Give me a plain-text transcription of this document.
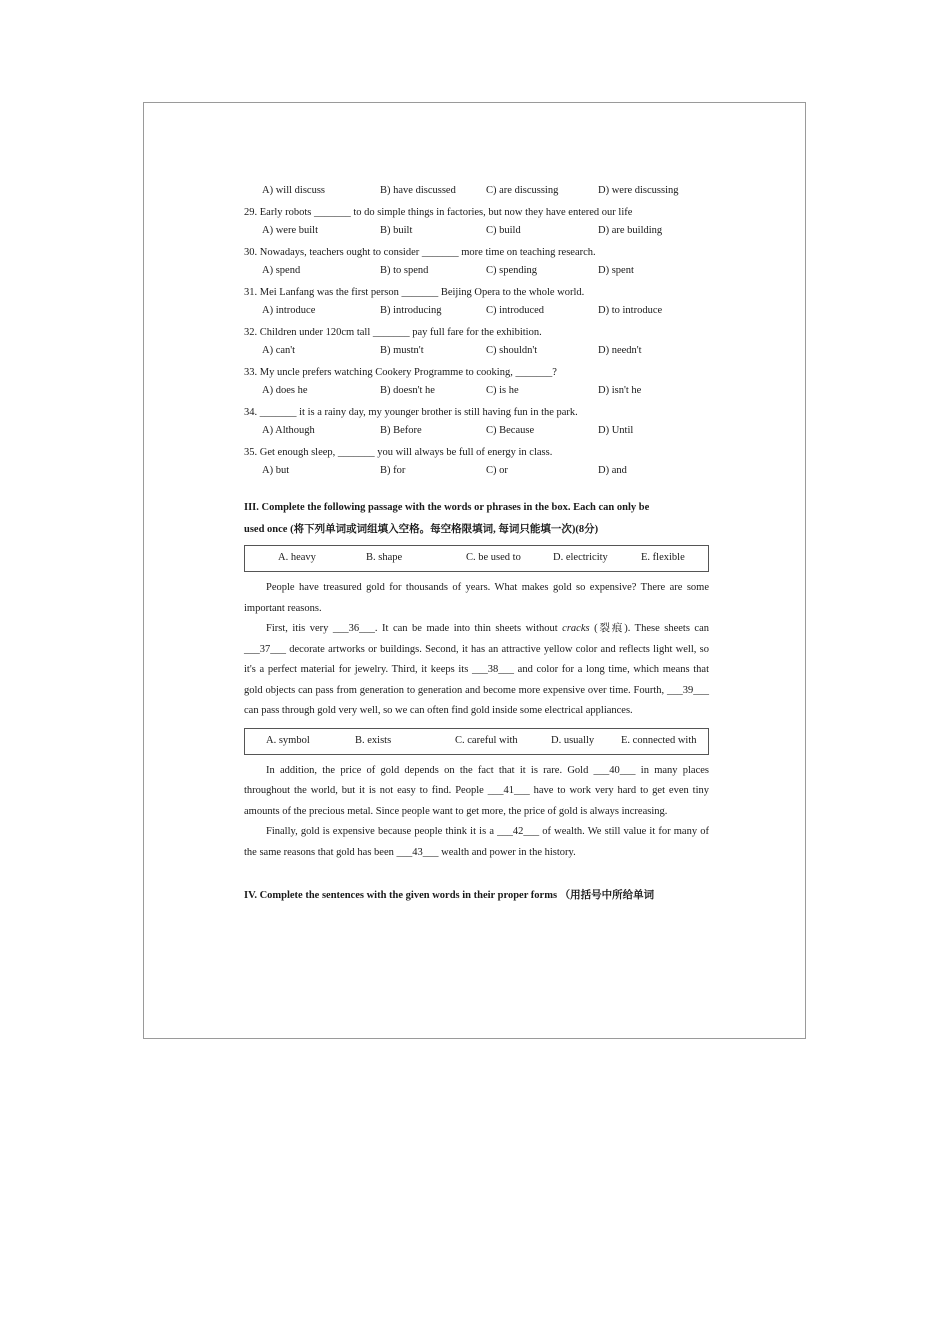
A) will discuss	B) have discussed	C) are discussing	D) were discussing
29. Early robots _______ to do simple things in factories, but now they have entered our life
A) were built	B) built	C) build	D) are building
30. Nowadays, teachers ought to consider _______ more time on teaching research.
A) spend	B) to spend	C) spending	D) spent
31. Mei Lanfang was the first person _______ Beijing Opera to the whole world.
A) introduce	B) introducing	C) introduced	D) to introduce
32. Children under 120cm tall _______ pay full fare for the exhibition.
A) can't	B) mustn't	C) shouldn't	D) needn't
33. My uncle prefers watching Cookery Programme to cooking, _______?
A) does he	B) doesn't he	C) is he	D) isn't he
34. _______ it is a rainy day, my younger brother is still having fun in the park.
A) Although	B) Before	C) Because	D) Until
35. Get enough sleep, _______ you will always be full of energy in class.
A) but	B) for	C) or	D) and
III. Complete the following passage with the words or phrases in the box. Each can only be
used once (将下列单词或词组填入空格。每空格限填词, 每词只能填一次)(8分)
A. heavy	B. shape	C. be used to	D. electricity	E. flexible

People have treasured gold for thousands of years. What makes gold so expensive? There are some important reasons.

First, itis very ___36___. It can be made into thin sheets without cracks (裂痕). These sheets can ___37___ decorate artworks or buildings. Second, it has an attractive yellow color and reflects light well, so it's a perfect material for jewelry. Third, it keeps its ___38___ and color for a long time, which means that gold objects can pass from generation to generation and become more expensive over time. Fourth, ___39___ can pass through gold very well, so we can often find gold inside some electrical appliances.

A. symbol	B. exists	C. careful with	D. usually	E. connected with

In addition, the price of gold depends on the fact that it is rare. Gold ___40___ in many places throughout the world, but it is not easy to find. People ___41___ have to work very hard to get even tiny amounts of the precious metal. Since people want to get more, the price of gold is always increasing.

Finally, gold is expensive because people think it is a ___42___ of wealth. We still value it for many of the same reasons that gold has been ___43___ wealth and power in the history.

IV. Complete the sentences with the given words in their proper forms （用括号中所给单词
